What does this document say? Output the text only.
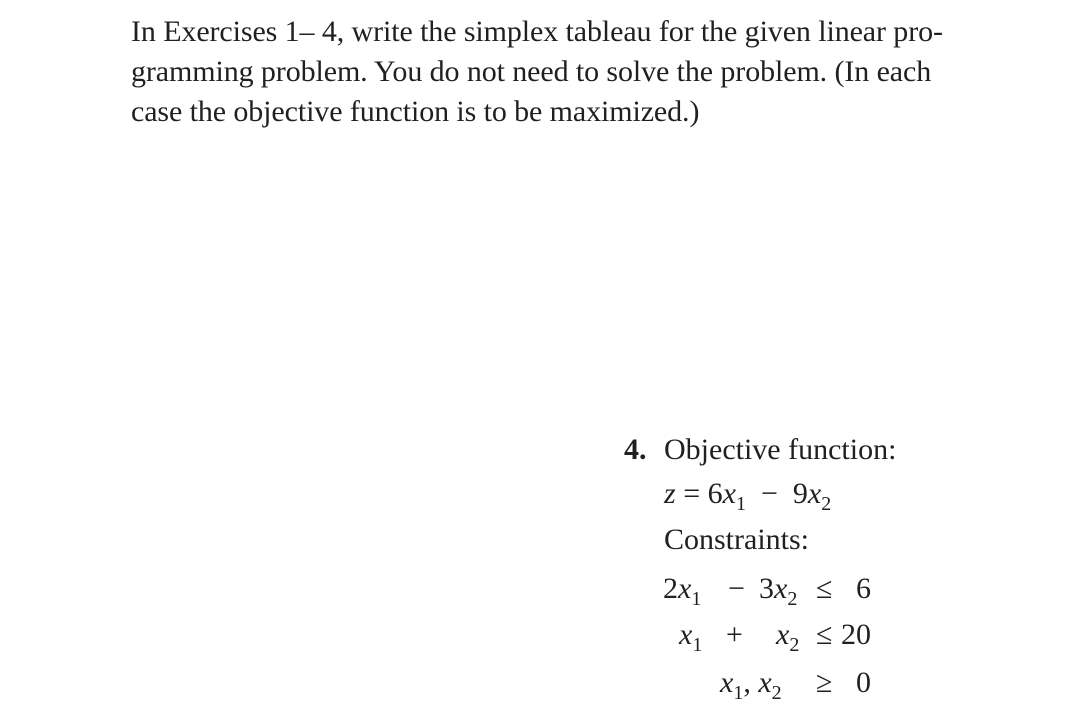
In Exercises 1– 4, write the simplex tableau for the given linear pro-
gramming problem. You do not need to solve the problem. (In each
case the objective function is to be maximized.)
4. Objective function:
$z = 6x_1 - 9x_2$
Constraints:
$2x_1 - 3x_2 \le 6$
$x_1 + x_2 \le 20$
$x_1$, $x_2 \ge 0$
